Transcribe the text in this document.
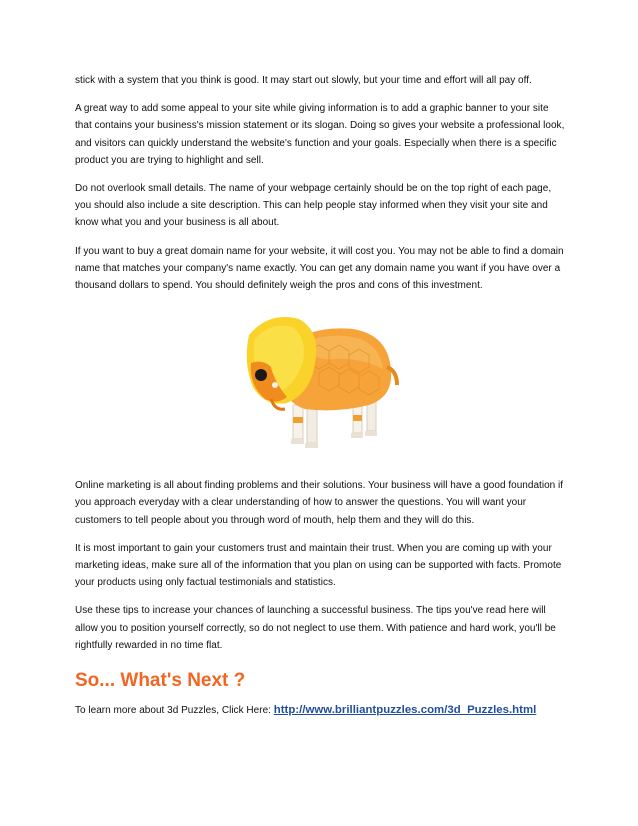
stick with a system that you think is good. It may start out slowly, but your time and effort will all pay off.

A great way to add some appeal to your site while giving information is to add a graphic banner to your site that contains your business's mission statement or its slogan. Doing so gives your website a professional look, and visitors can quickly understand the website's function and your goals. Especially when there is a specific product you are trying to highlight and sell.

Do not overlook small details. The name of your webpage certainly should be on the top right of each page, you should also include a site description. This can help people stay informed when they visit your site and know what you and your business is all about.

If you want to buy a great domain name for your website, it will cost you. You may not be able to find a domain name that matches your company's name exactly. You can get any domain name you want if you have over a thousand dollars to spend. You should definitely weigh the pros and cons of this investment.

Online marketing is all about finding problems and their solutions. Your business will have a good foundation if you approach everyday with a clear understanding of how to answer the questions. You will want your customers to tell people about you through word of mouth, help them and they will do this.

It is most important to gain your customers trust and maintain their trust. When you are coming up with your marketing ideas, make sure all of the information that you plan on using can be supported with facts. Promote your products using only factual testimonials and statistics.

Use these tips to increase your chances of launching a successful business. The tips you've read here will allow you to position yourself correctly, so do not neglect to use them. With patience and hard work, you'll be rightfully rewarded in no time flat.

So... What's Next ?

To learn more about 3d Puzzles, Click Here: http://www.brilliantpuzzles.com/3d_Puzzles.html
